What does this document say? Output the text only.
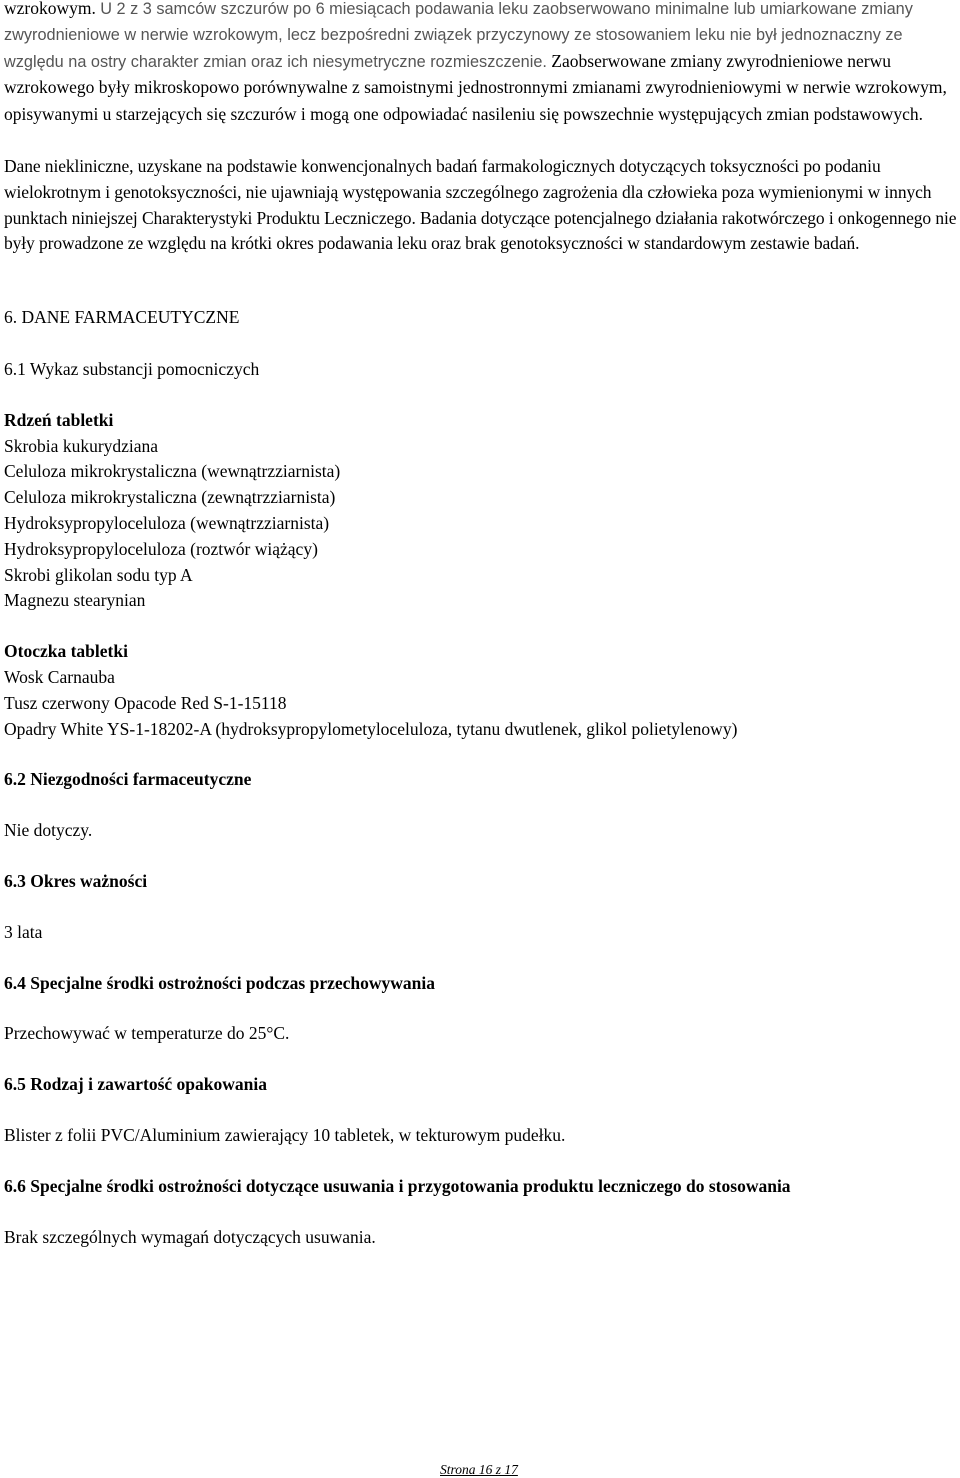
wzrokowym. U 2 z 3 samców szczurów po 6 miesiącach podawania leku zaobserwowano minimalne lub umiarkowane zmiany zwyrodnieniowe w nerwie wzrokowym, lecz bezpośredni związek przyczynowy ze stosowaniem leku nie był jednoznaczny ze względu na ostry charakter zmian oraz ich niesymetryczne rozmieszczenie. Zaobserwowane zmiany zwyrodnieniowe nerwu wzrokowego były mikroskopowo porównywalne z samoistnymi jednostronnymi zmianami zwyrodnieniowymi w nerwie wzrokowym, opisywanymi u starzejących się szczurów i mogą one odpowiadać nasileniu się powszechnie występujących zmian podstawowych.

Dane niekliniczne, uzyskane na podstawie konwencjonalnych badań farmakologicznych dotyczących toksyczności po podaniu wielokrotnym i genotoksyczności, nie ujawniają występowania szczególnego zagrożenia dla człowieka poza wymienionymi w innych punktach niniejszej Charakterystyki Produktu Leczniczego. Badania dotyczące potencjalnego działania rakotwórczego i onkogennego nie były prowadzone ze względu na krótki okres podawania leku oraz brak genotoksyczności w standardowym zestawie badań.

6. DANE FARMACEUTYCZNE

6.1 Wykaz substancji pomocniczych

Rdzeń tabletki

Skrobia kukurydziana

Celuloza mikrokrystaliczna (wewnątrzziarnista)

Celuloza mikrokrystaliczna (zewnątrzziarnista)

Hydroksypropyloceluloza (wewnątrzziarnista)

Hydroksypropyloceluloza (roztwór wiążący)

Skrobi glikolan sodu typ A

Magnezu stearynian

Otoczka tabletki

Wosk Carnauba

Tusz czerwony Opacode Red S-1-15118

Opadry White YS-1-18202-A (hydroksypropylometyloceluloza, tytanu dwutlenek, glikol polietylenowy)

6.2 Niezgodności farmaceutyczne

Nie dotyczy.

6.3 Okres ważności

3 lata

6.4 Specjalne środki ostrożności podczas przechowywania

Przechowywać w temperaturze do 25°C.

6.5 Rodzaj i zawartość opakowania

Blister z folii PVC/Aluminium zawierający 10 tabletek, w tekturowym pudełku.

6.6 Specjalne środki ostrożności dotyczące usuwania i przygotowania produktu leczniczego do stosowania

Brak szczególnych wymagań dotyczących usuwania.

Strona 16 z 17
